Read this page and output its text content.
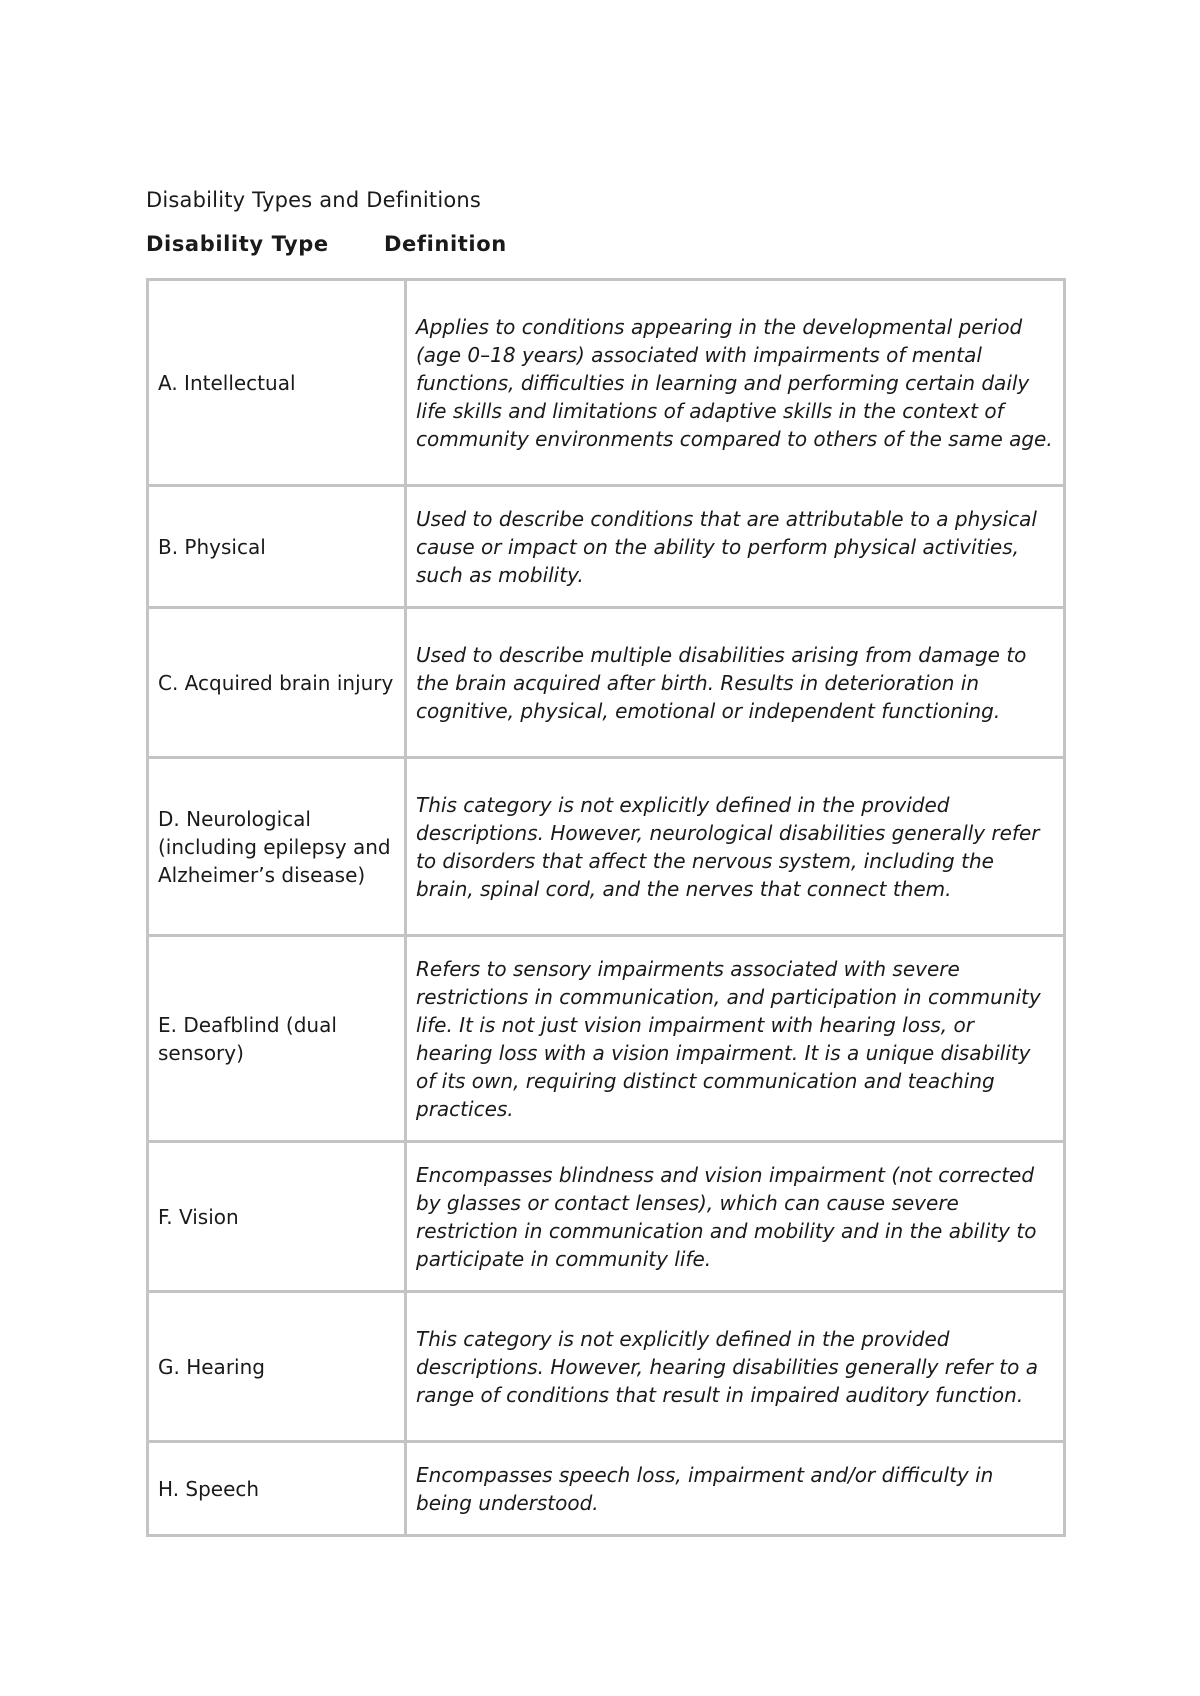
Disability Types and Definitions
Disability Type	Definition
A. Intellectual	Applies to conditions appearing in the developmental period (age 0–18 years) associated with impairments of mental functions, difficulties in learning and performing certain daily life skills and limitations of adaptive skills in the context of community environments compared to others of the same age.
B. Physical	Used to describe conditions that are attributable to a physical cause or impact on the ability to perform physical activities, such as mobility.
C. Acquired brain injury	Used to describe multiple disabilities arising from damage to the brain acquired after birth. Results in deterioration in cognitive, physical, emotional or independent functioning.
D. Neurological (including epilepsy and Alzheimer’s disease)	This category is not explicitly defined in the provided descriptions. However, neurological disabilities generally refer to disorders that affect the nervous system, including the brain, spinal cord, and the nerves that connect them.
E. Deafblind (dual sensory)	Refers to sensory impairments associated with severe restrictions in communication, and participation in community life. It is not just vision impairment with hearing loss, or hearing loss with a vision impairment. It is a unique disability of its own, requiring distinct communication and teaching practices.
F. Vision	Encompasses blindness and vision impairment (not corrected by glasses or contact lenses), which can cause severe restriction in communication and mobility and in the ability to participate in community life.
G. Hearing	This category is not explicitly defined in the provided descriptions. However, hearing disabilities generally refer to a range of conditions that result in impaired auditory function.
H. Speech	Encompasses speech loss, impairment and/or difficulty in being understood.
